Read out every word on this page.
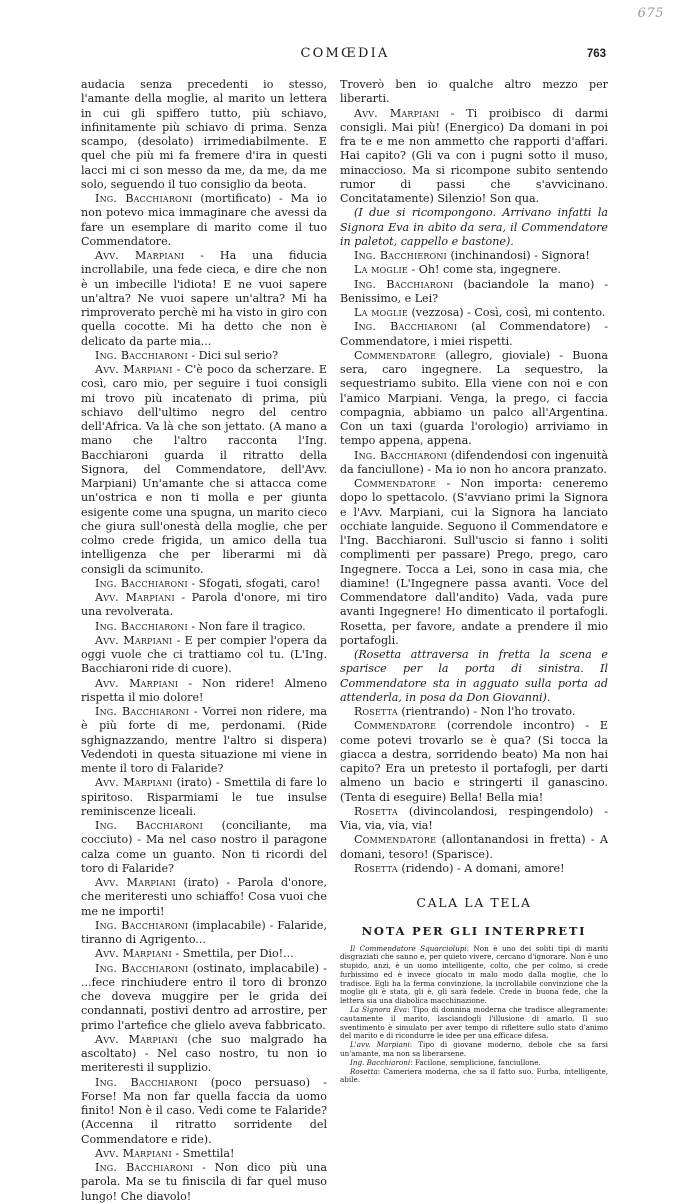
675
COMŒDIA	763

audacia senza precedenti io stesso, l'amante della moglie, al marito un lettera in cui gli spiffero tutto, più schiavo, infinitamente più schiavo di prima. Senza scampo, (desolato) irrimediabilmente. E quel che più mi fa fremere d'ira in questi lacci mi ci son messo da me, da me, da me solo, seguendo il tuo consiglio da beota.

Ing. Bacchiaroni (mortificato) - Ma io non potevo mica immaginare che avessi da fare un esemplare di marito come il tuo Commendatore.

Avv. Marpiani - Ha una fiducia incrollabile, una fede cieca, e dire che non è un imbecille l'idiota! E ne vuoi sapere un'altra? Ne vuoi sapere un'altra? Mi ha rimproverato perchè mi ha visto in giro con quella cocotte. Mi ha detto che non è delicato da parte mia...

Ing. Bacchiaroni - Dici sul serio?

Avv. Marpiani - C'è poco da scherzare. E così, caro mio, per seguire i tuoi consigli mi trovo più incatenato di prima, più schiavo dell'ultimo negro del centro dell'Africa. Va là che son jettato. (A mano a mano che l'altro racconta l'Ing. Bacchiaroni guarda il ritratto della Signora, del Commendatore, dell'Avv. Marpiani) Un'amante che si attacca come un'ostrica e non ti molla e per giunta esigente come una spugna, un marito cieco che giura sull'onestà della moglie, che per colmo crede frigida, un amico della tua intelligenza che per liberarmi mi dà consigli da scimunito.

Ing. Bacchiaroni - Sfogati, sfogati, caro!

Avv. Marpiani - Parola d'onore, mi tiro una revolverata.

Ing. Bacchiaroni - Non fare il tragico.

Avv. Marpiani - E per compier l'opera da oggi vuole che ci trattiamo col tu. (L'Ing. Bacchiaroni ride di cuore).

Avv. Marpiani - Non ridere! Almeno rispetta il mio dolore!

Ing. Bacchiaroni - Vorrei non ridere, ma è più forte di me, perdonami. (Ride sghignazzando, mentre l'altro si dispera) Vedendoti in questa situazione mi viene in mente il toro di Falaride?

Avv. Marpiani (irato) - Smettila di fare lo spiritoso. Risparmiami le tue insulse reminiscenze liceali.

Ing. Bacchiaroni (conciliante, ma cocciuto) - Ma nel caso nostro il paragone calza come un guanto. Non ti ricordi del toro di Falaride?

Avv. Marpiani (irato) - Parola d'onore, che meriteresti uno schiaffo! Cosa vuoi che me ne importi!

Ing. Bacchiaroni (implacabile) - Falaride, tiranno di Agrigento...

Avv. Marpiani - Smettila, per Dio!...

Ing. Bacchiaroni (ostinato, implacabile) - ...fece rinchiudere entro il toro di bronzo che doveva muggire per le grida dei condannati, postivi dentro ad arrostire, per primo l'artefice che glielo aveva fabbricato.

Avv. Marpiani (che suo malgrado ha ascoltato) - Nel caso nostro, tu non io meriteresti il supplizio.

Ing. Bacchiaroni (poco persuaso) - Forse! Ma non far quella faccia da uomo finito! Non è il caso. Vedi come te Falaride? (Accenna il ritratto sorridente del Commendatore e ride).

Avv. Marpiani - Smettila!

Ing. Bacchiaroni - Non dico più una parola. Ma se tu finiscila di far quel muso lungo! Che diavolo!

Troverò ben io qualche altro mezzo per liberarti.

Avv. Marpiani - Ti proibisco di darmi consigli. Mai più! (Energico) Da domani in poi fra te e me non ammetto che rapporti d'affari. Hai capito? (Gli va con i pugni sotto il muso, minaccioso. Ma si ricompone subito sentendo rumor di passi che s'avvicinano. Concitatamente) Silenzio! Son qua.

(I due si ricompongono. Arrivano infatti la Signora Eva in abito da sera, il Commendatore in paletot, cappello e bastone).

Ing. Bacchieroni (inchinandosi) - Signora!

La moglie - Oh! come sta, ingegnere.

Ing. Bacchiaroni (baciandole la mano) - Benissimo, e Lei?

La moglie (vezzosa) - Così, così, mi contento.

Ing. Bacchiaroni (al Commendatore) - Commendatore, i miei rispetti.

Commendatore (allegro, gioviale) - Buona sera, caro ingegnere. La sequestro, la sequestriamo subito. Ella viene con noi e con l'amico Marpiani. Venga, la prego, ci faccia compagnia, abbiamo un palco all'Argentina. Con un taxi (guarda l'orologio) arriviamo in tempo appena, appena.

Ing. Bacchiaroni (difendendosi con ingenuità da fanciullone) - Ma io non ho ancora pranzato.

Commendatore - Non importa: ceneremo dopo lo spettacolo. (S'avviano primi la Signora e l'Avv. Marpiani, cui la Signora ha lanciato occhiate languide. Seguono il Commendatore e l'Ing. Bacchiaroni. Sull'uscio si fanno i soliti complimenti per passare) Prego, prego, caro Ingegnere. Tocca a Lei, sono in casa mia, che diamine! (L'Ingegnere passa avanti. Voce del Commendatore dall'andito) Vada, vada pure avanti Ingegnere! Ho dimenticato il portafogli. Rosetta, per favore, andate a prendere il mio portafogli.

(Rosetta attraversa in fretta la scena e sparisce per la porta di sinistra. Il Commendatore sta in agguato sulla porta ad attenderla, in posa da Don Giovanni).

Rosetta (rientrando) - Non l'ho trovato.

Commendatore (correndole incontro) - E come potevi trovarlo se è qua? (Si tocca la giacca a destra, sorridendo beato) Ma non hai capito? Era un pretesto il portafogli, per darti almeno un bacio e stringerti il ganascino. (Tenta di eseguire) Bella! Bella mia!

Rosetta (divincolandosi, respingendolo) - Via, via, via, via!

Commendatore (allontanandosi in fretta) - A domani, tesoro! (Sparisce).

Rosetta (ridendo) - A domani, amore!

CALA LA TELA

NOTA PER GLI INTERPRETI

Il Commendatore Squarciolupi: Non è uno dei soliti tipi di mariti disgraziati che sanno e, per quieto vivere, cercano d'ignorare. Non è uno stupido, anzi, è un uomo intelligente, colto, che per colmo, si crede furbissimo ed è invece giocato in malo modo dalla moglie, che lo tradisce. Egli ha la ferma convinzione, la incrollabile convinzione che la moglie gli è stata, gli è, gli sarà fedele. Crede in buona fede, che la lettera sia una diabolica macchinazione.

La Signora Eva: Tipo di donnina moderna che tradisce allegramente: cautamente il marito, lasciandogli l'illusione di amarlo. Il suo sventimento è simulato per aver tempo di riflettere sullo stato d'animo del marito e di ricondurre le idee per una efficace difesa.

L'avv. Marpiani: Tipo di giovane moderno, debole che sa farsi un'amante, ma non sa liberarsene.

Ing. Bacchiaroni: Facilone, semplicione, fanciullone.

Rosetta: Cameriera moderna, che sa il fatto suo. Furba, intelligente, abile.
